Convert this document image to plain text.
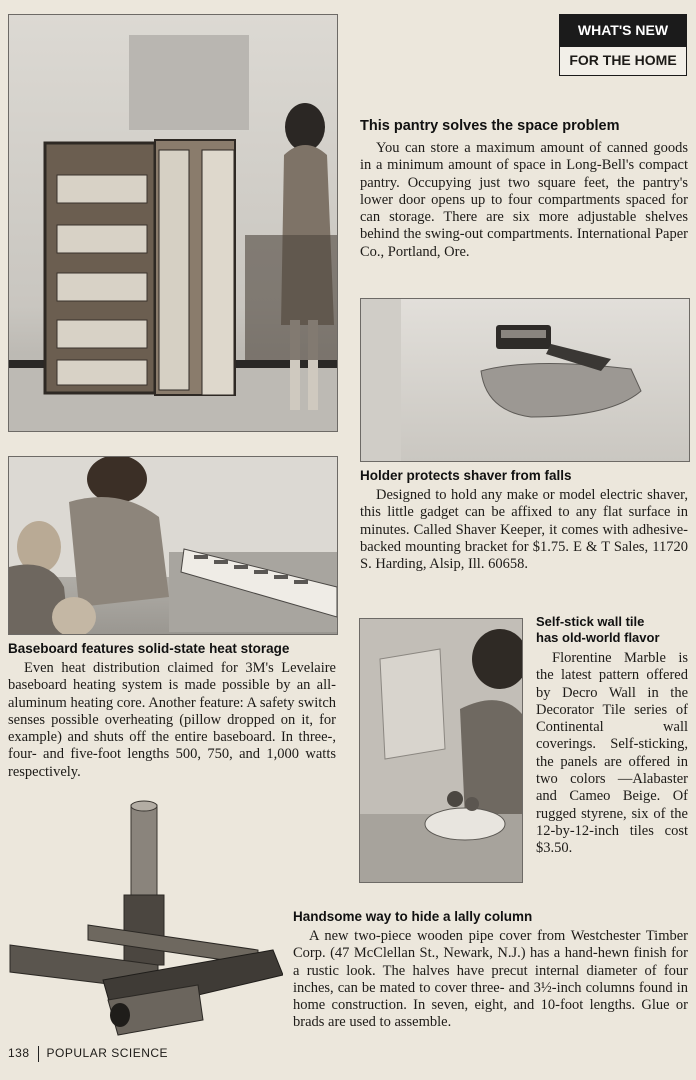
WHAT'S NEW
FOR THE HOME
This pantry solves the space problem
You can store a maximum amount of canned goods in a minimum amount of space in Long-Bell's compact pantry. Occupying just two square feet, the pantry's lower door opens up to four compartments spaced for can storage. There are six more adjustable shelves behind the swing-out compartments. International Paper Co., Portland, Ore.
Holder protects shaver from falls
Designed to hold any make or model electric shaver, this little gadget can be affixed to any flat surface in minutes. Called Shaver Keeper, it comes with adhesive-backed mounting bracket for $1.75. E & T Sales, 11720 S. Harding, Alsip, Ill. 60658.
Baseboard features solid-state heat storage
Even heat distribution claimed for 3M's Levelaire baseboard heating system is made possible by an all-aluminum heating core. Another feature: A safety switch senses possible overheating (pillow dropped on it, for example) and shuts off the entire baseboard. In three-, four- and five-foot lengths 500, 750, and 1,000 watts respectively.
Self-stick wall tile
has old-world flavor
Florentine Marble is the latest pattern offered by Decro Wall in the Decorator Tile series of Continental wall coverings. Self-sticking, the panels are offered in two colors —Alabaster and Cameo Beige. Of rugged styrene, six of the 12-by-12-inch tiles cost $3.50.
Handsome way to hide a lally column
A new two-piece wooden pipe cover from Westchester Timber Corp. (47 McClellan St., Newark, N.J.) has a hand-hewn finish for a rustic look. The halves have precut internal diameter of four inches, can be mated to cover three- and 3½-inch columns found in home construction. In seven, eight, and 10-foot lengths. Glue or brads are used to assemble.
138 POPULAR SCIENCE
